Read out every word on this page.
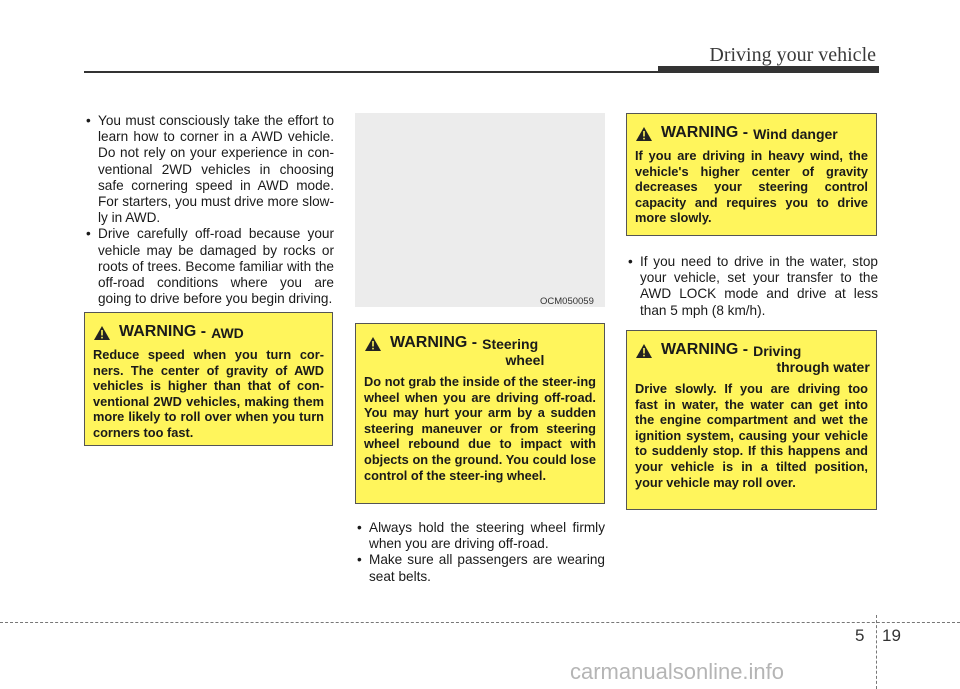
Driving your vehicle
• You must consciously take the effort to learn how to corner in a AWD vehicle. Do not rely on your experience in con-ventional 2WD vehicles in choosing safe cornering speed in AWD mode. For starters, you must drive more slow-ly in AWD.
• Drive carefully off-road because your vehicle may be damaged by rocks or roots of trees. Become familiar with the off-road conditions where you are going to drive before you begin driving.
WARNING - AWD
Reduce speed when you turn cor-ners. The center of gravity of AWD vehicles is higher than that of con-ventional 2WD vehicles, making them more likely to roll over when you turn corners too fast.
OCM050059
WARNING - Steering
wheel
Do not grab the inside of the steer-ing wheel when you are driving off-road. You may hurt your arm by a sudden steering maneuver or from steering wheel rebound due to impact with objects on the ground. You could lose control of the steer-ing wheel.
• Always hold the steering wheel firmly when you are driving off-road.
• Make sure all passengers are wearing seat belts.
WARNING - Wind danger
If you are driving in heavy wind, the vehicle's higher center of gravity decreases your steering control capacity and requires you to drive more slowly.
• If you need to drive in the water, stop your vehicle, set your transfer to the AWD LOCK mode and drive at less than 5 mph (8 km/h).
WARNING - Driving
through water
Drive slowly. If you are driving too fast in water, the water can get into the engine compartment and wet the ignition system, causing your vehicle to suddenly stop. If this happens and your vehicle is in a tilted position, your vehicle may roll over.
5 19
carmanualsonline.info
